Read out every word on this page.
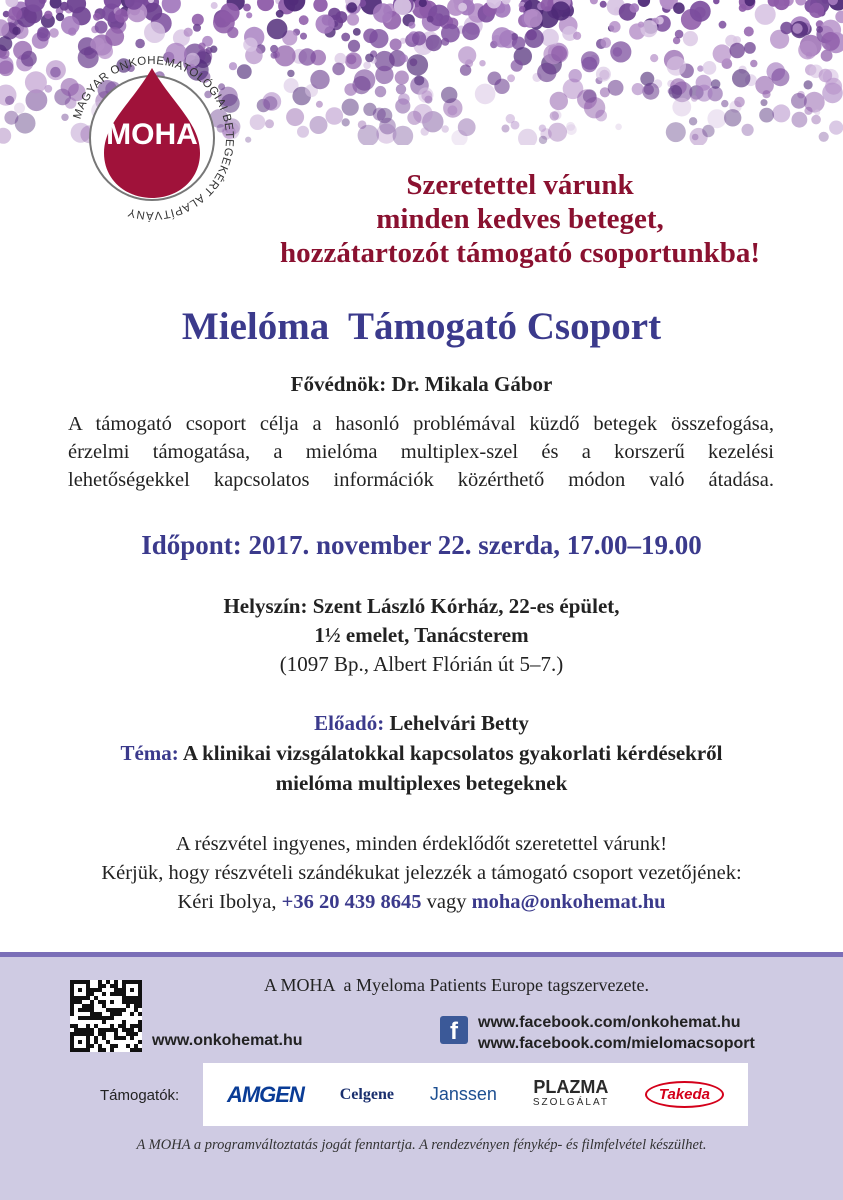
MOHA
MAGYAR ONKOHEMATOLÓGIAI BETEGEKÉRT ALAPÍTVÁNY
Szeretettel várunk
minden kedves beteget,
hozzátartozót támogató csoportunkba!
Mielóma  Támogató Csoport
Fővédnök: Dr. Mikala Gábor
A támogató csoport célja a hasonló problémával küzdő betegek összefogása,
érzelmi támogatása, a mielóma multiplex-szel és a korszerű kezelési
lehetőségekkel kapcsolatos információk közérthető módon való átadása.
Időpont: 2017. november 22. szerda, 17.00–19.00
Helyszín: Szent László Kórház, 22-es épület,
1½ emelet, Tanácsterem
(1097 Bp., Albert Flórián út 5–7.)
Előadó: Lehelvári Betty
Téma: A klinikai vizsgálatokkal kapcsolatos gyakorlati kérdésekről
mielóma multiplexes betegeknek
A részvétel ingyenes, minden érdeklődőt szeretettel várunk!
Kérjük, hogy részvételi szándékukat jelezzék a támogató csoport vezetőjének:
Kéri Ibolya, +36 20 439 8645 vagy moha@onkohemat.hu
A MOHA  a Myeloma Patients Europe tagszervezete.
www.onkohemat.hu	f	www.facebook.com/onkohemat.hu
www.facebook.com/mielomacsoport
Támogatók: AMGEN Celgene Janssen PLAZMA
SZOLGÁLAT	Takeda
A MOHA a programváltoztatás jogát fenntartja. A rendezvényen fénykép- és filmfelvétel készülhet.
